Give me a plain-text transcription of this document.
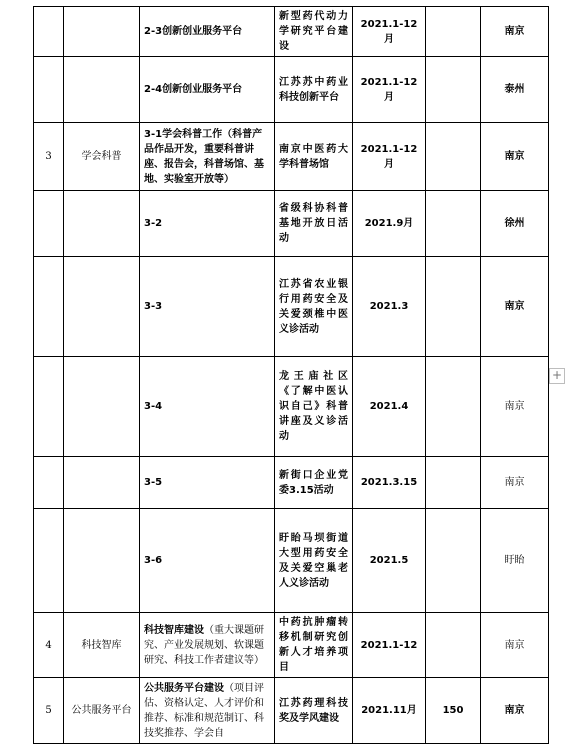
		2-3创新创业服务平台	新型药代动力学研究平台建设	2021.1-12月		南京
		2-4创新创业服务平台	江苏苏中药业科技创新平台	2021.1-12月		泰州
3	学会科普	3-1学会科普工作（科普产品作品开发，重要科普讲座、报告会，科普场馆、基地、实验室开放等）	南京中医药大学科普场馆	2021.1-12月		南京
		3-2	省级科协科普基地开放日活动	2021.9月		徐州
		3-3	江苏省农业银行用药安全及关爱颈椎中医义诊活动	2021.3		南京
		3-4	龙王庙社区《了解中医认识自己》科普讲座及义诊活动	2021.4		南京
		3-5	新街口企业党委3.15活动	2021.3.15		南京
		3-6	盱眙马坝街道大型用药安全及关爱空巢老人义诊活动	2021.5		盱眙
4	科技智库	科技智库建设（重大课题研究、产业发展规划、软课题研究、科技工作者建议等）	中药抗肿瘤转移机制研究创新人才培养项目	2021.1-12		南京
5	公共服务平台	公共服务平台建设（项目评估、资格认定、人才评价和推荐、标准和规范制订、科技奖推荐、学会自	江苏药理科技奖及学风建设	2021.11月	150	南京
+
